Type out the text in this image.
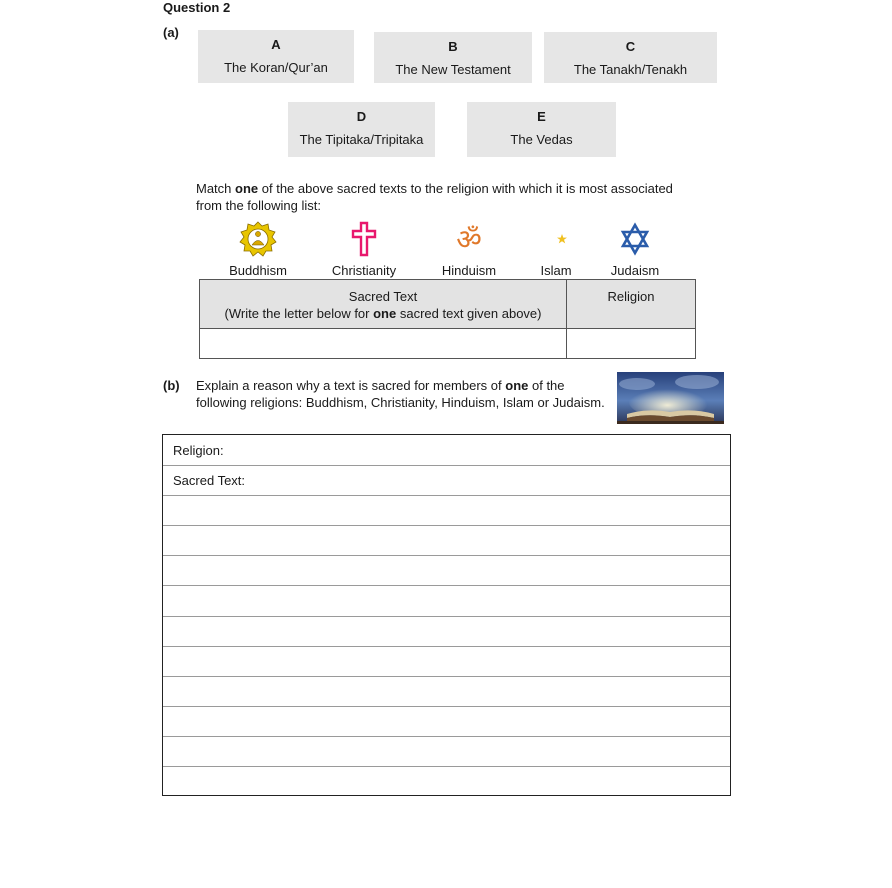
Question 2
(a)
A
The Koran/Qur’an
B
The New Testament
C
The Tanakh/Tenakh
D
The Tipitaka/Tripitaka
E
The Vedas
Match one of the above sacred texts to the religion with which it is most associated
from the following list:
Buddhism	Christianity
ॐ
Hinduism	Islam	Judaism
Sacred Text
(Write the letter below for one sacred text given above)	Religion

(b) Explain a reason why a text is sacred for members of one of the
following religions: Buddhism, Christianity, Hinduism, Islam or Judaism.
Religion:
Sacred Text:
